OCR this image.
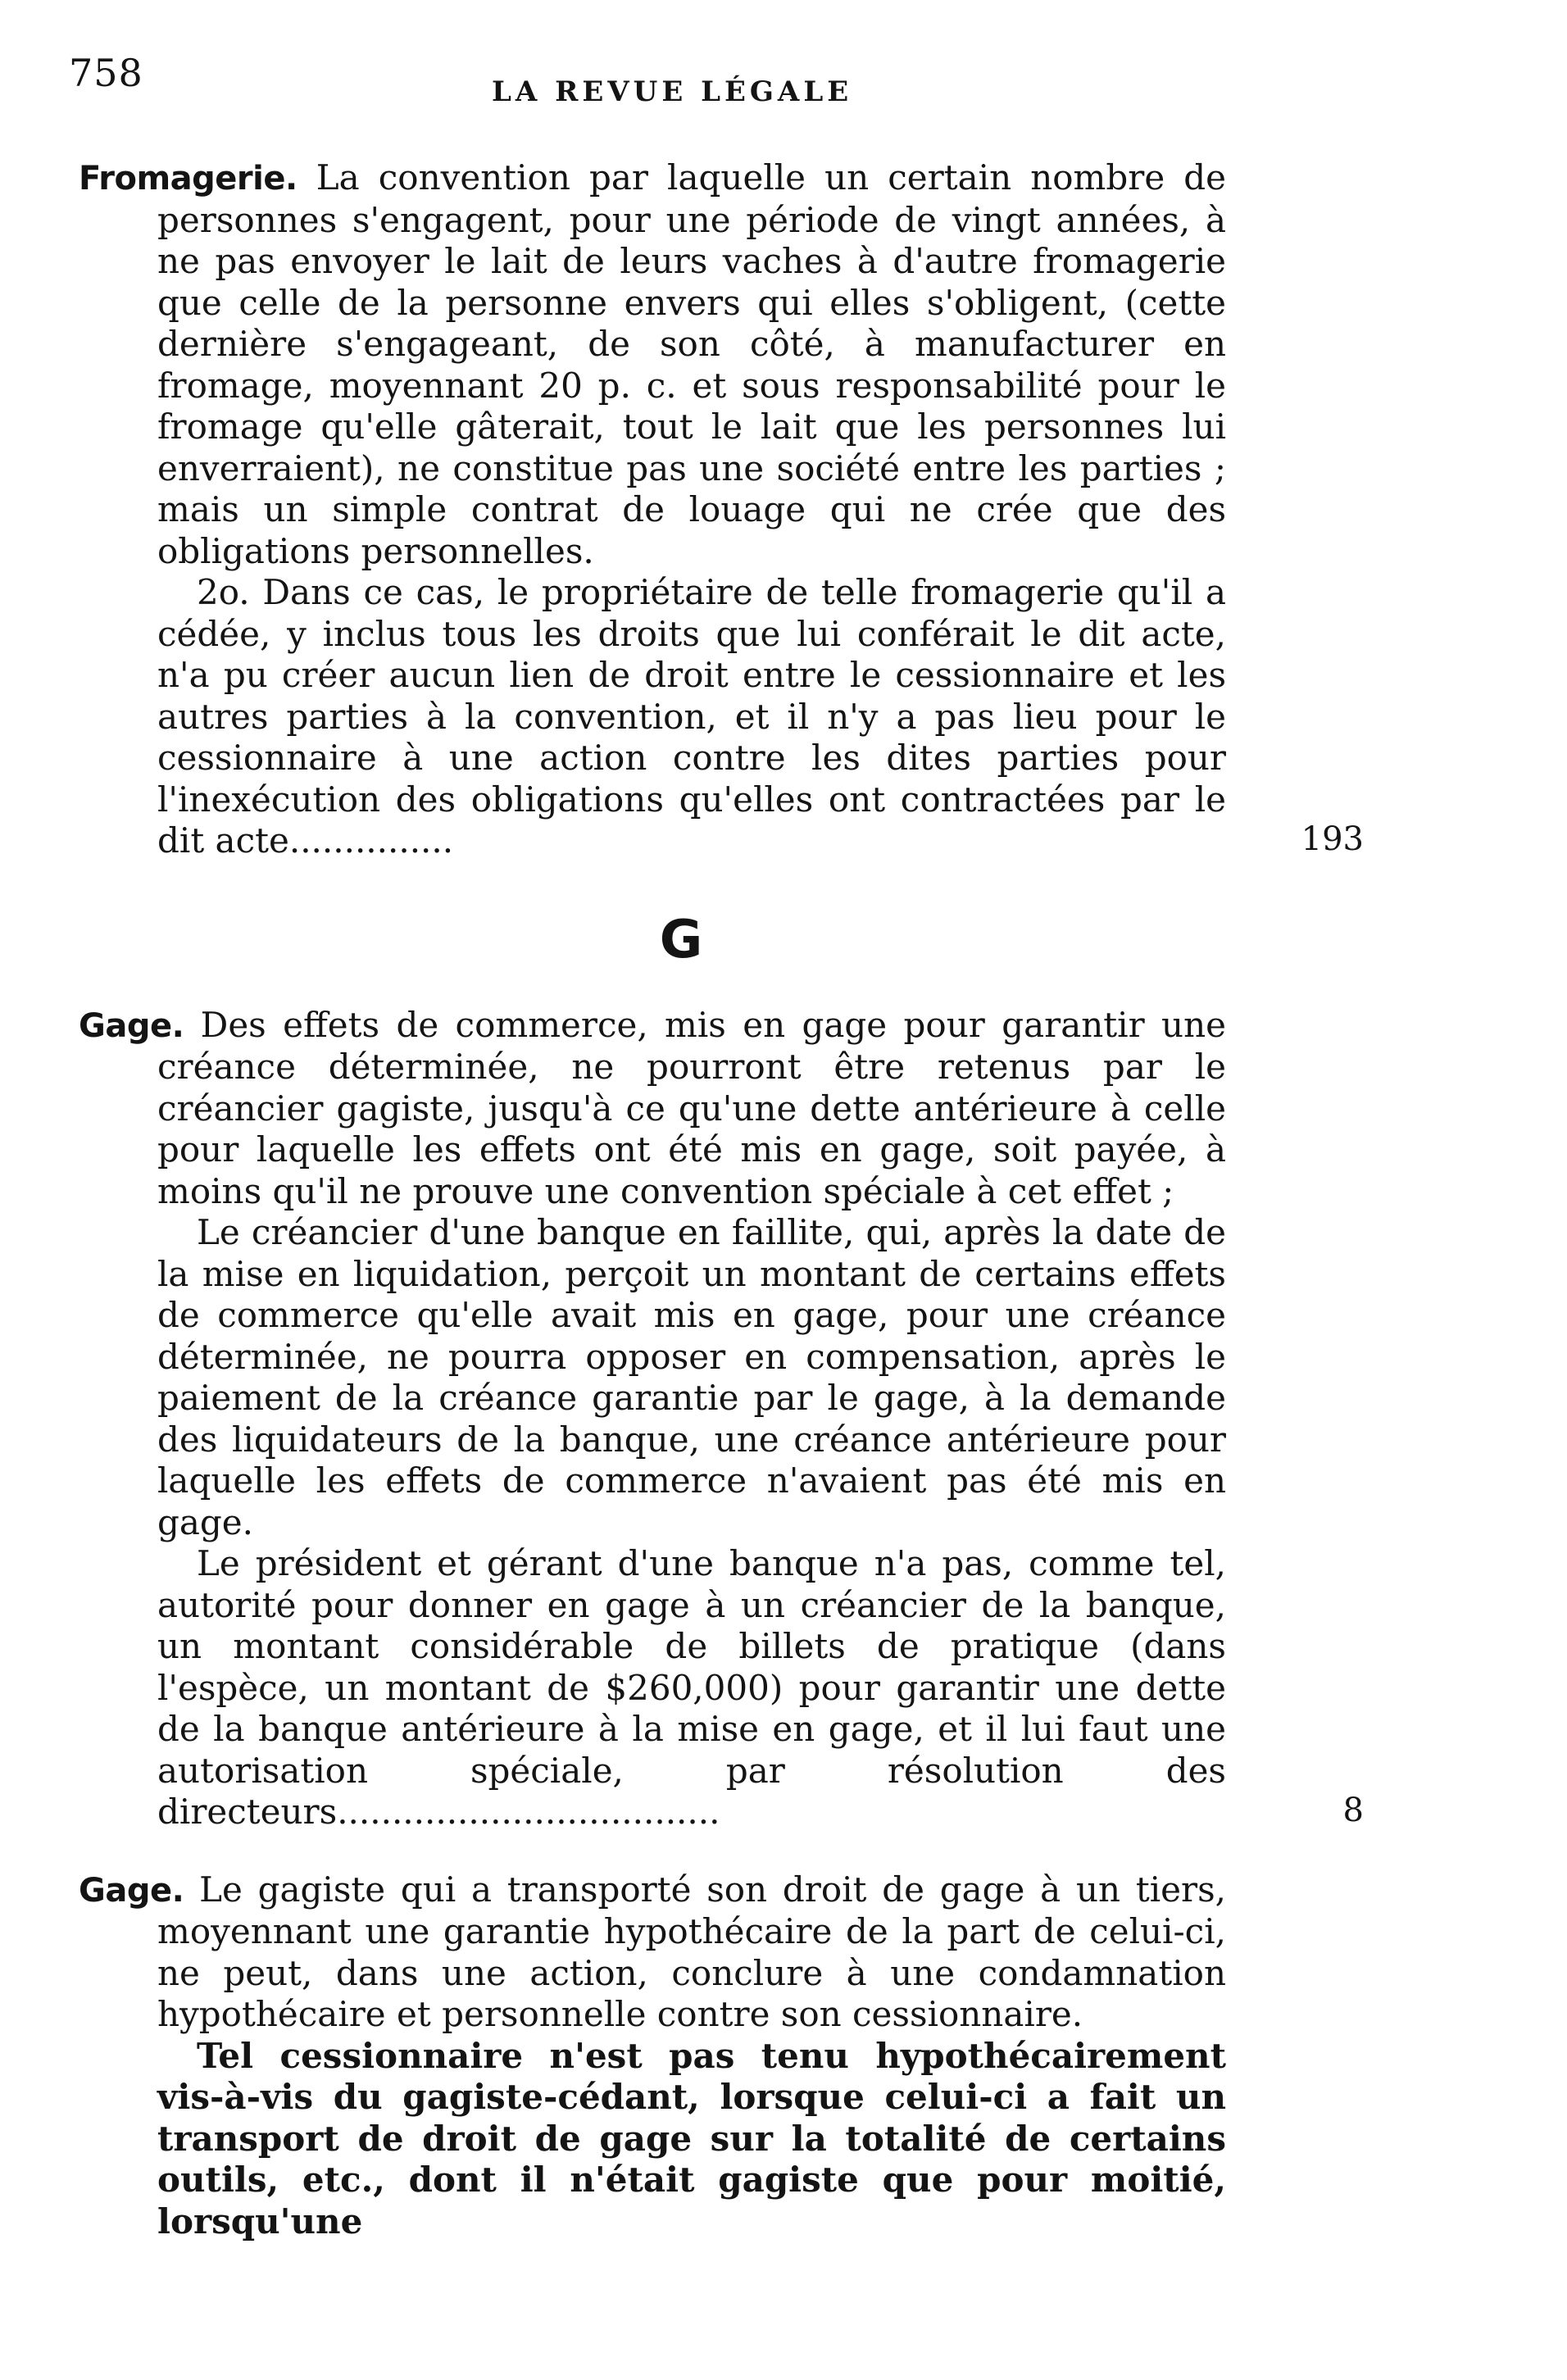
758	LA REVUE LÉGALE

Fromagerie. La convention par laquelle un certain nombre de personnes s'engagent, pour une période de vingt années, à ne pas envoyer le lait de leurs vaches à d'autre fromagerie que celle de la personne envers qui elles s'obligent, (cette dernière s'engageant, de son côté, à manufacturer en fromage, moyennant 20 p. c. et sous responsabilité pour le fromage qu'elle gâterait, tout le lait que les personnes lui enverraient), ne constitue pas une société entre les parties ; mais un simple contrat de louage qui ne crée que des obligations personnelles.

2o. Dans ce cas, le propriétaire de telle fromagerie qu'il a cédée, y inclus tous les droits que lui conférait le dit acte, n'a pu créer aucun lien de droit entre le cessionnaire et les autres parties à la convention, et il n'y a pas lieu pour le cessionnaire à une action contre les dites parties pour l'inexécution des obligations qu'elles ont contractées par le dit acte...............	193
G

Gage. Des effets de commerce, mis en gage pour garantir une créance déterminée, ne pourront être retenus par le créancier gagiste, jusqu'à ce qu'une dette antérieure à celle pour laquelle les effets ont été mis en gage, soit payée, à moins qu'il ne prouve une convention spéciale à cet effet ;

Le créancier d'une banque en faillite, qui, après la date de la mise en liquidation, perçoit un montant de certains effets de commerce qu'elle avait mis en gage, pour une créance déterminée, ne pourra opposer en compensation, après le paiement de la créance garantie par le gage, à la demande des liquidateurs de la banque, une créance antérieure pour laquelle les effets de commerce n'avaient pas été mis en gage.

Le président et gérant d'une banque n'a pas, comme tel, autorité pour donner en gage à un créancier de la banque, un montant considérable de billets de pratique (dans l'espèce, un montant de $260,000) pour garantir une dette de la banque antérieure à la mise en gage, et il lui faut une autorisation spéciale, par résolution des directeurs...................................	8

Gage. Le gagiste qui a transporté son droit de gage à un tiers, moyennant une garantie hypothécaire de la part de celui-ci, ne peut, dans une action, conclure à une condamnation hypothécaire et personnelle contre son cessionnaire.

Tel cessionnaire n'est pas tenu hypothécairement vis-à-vis du gagiste-cédant, lorsque celui-ci a fait un transport de droit de gage sur la totalité de certains outils, etc., dont il n'était gagiste que pour moitié, lorsqu'une
